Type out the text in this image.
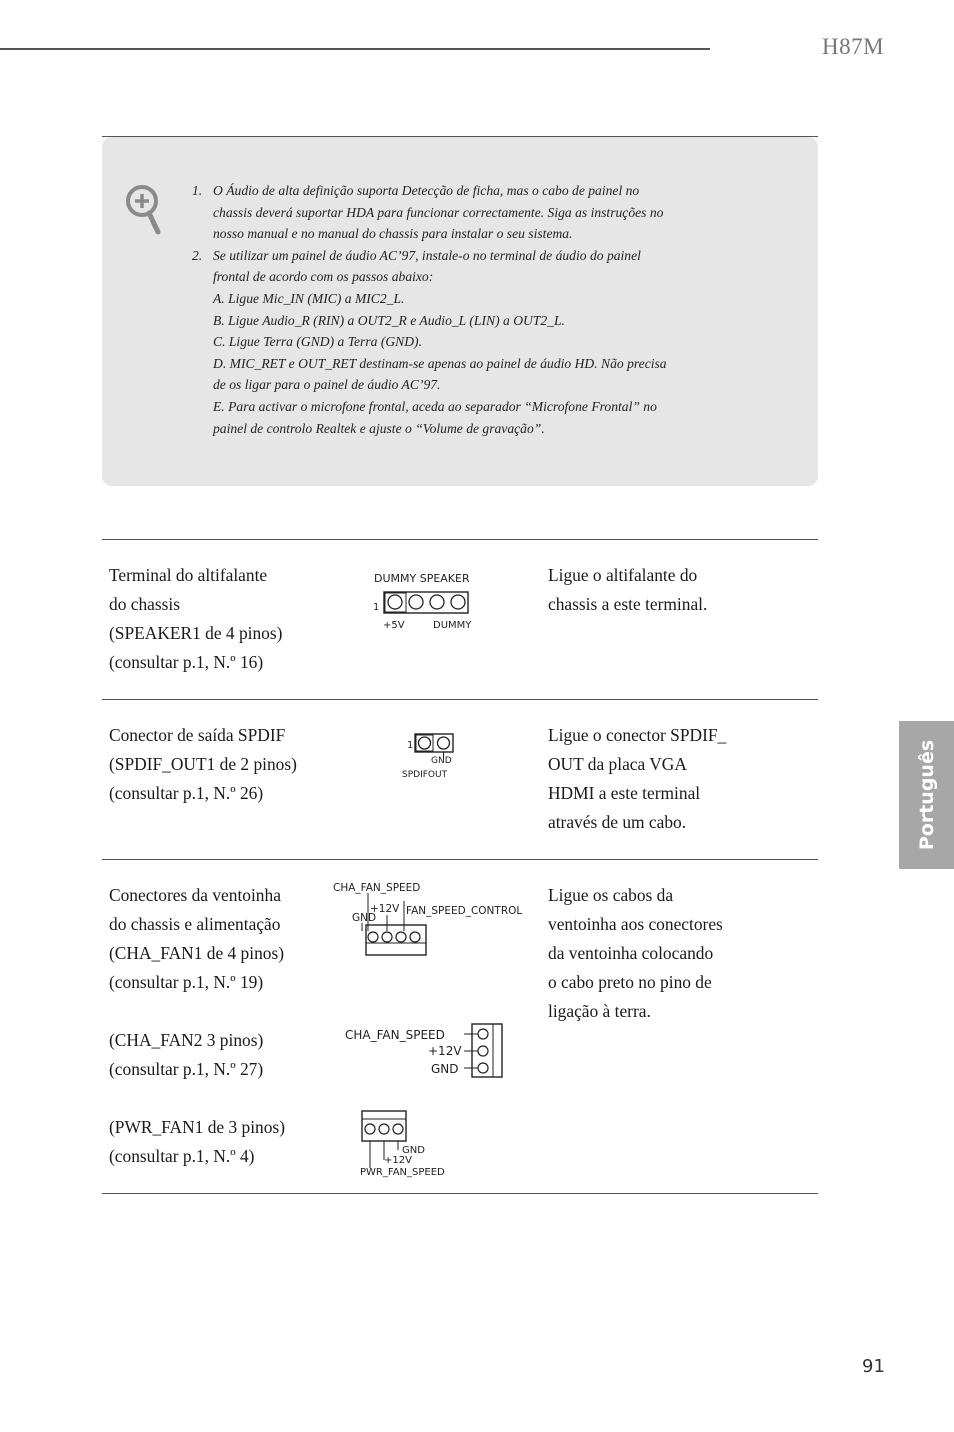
H87M
1. O Áudio de alta definição suporta Detecção de ficha, mas o cabo de painel no
chassis deverá suportar HDA para funcionar correctamente. Siga as instruções no
nosso manual e no manual do chassis para instalar o seu sistema.
2. Se utilizar um painel de áudio AC’97, instale-o no terminal de áudio do painel
frontal de acordo com os passos abaixo:
A. Ligue Mic_IN (MIC) a MIC2_L.
B. Ligue Audio_R (RIN) a OUT2_R e Audio_L (LIN) a OUT2_L.
C. Ligue Terra (GND) a Terra (GND).
D. MIC_RET e OUT_RET destinam-se apenas ao painel de áudio HD. Não precisa
de os ligar para o painel de áudio AC’97.
E. Para activar o microfone frontal, aceda ao separador “Microfone Frontal” no
painel de controlo Realtek e ajuste o “Volume de gravação”.
Terminal do altifalante
do chassis
(SPEAKER1 de 4 pinos)
(consultar p.1, N.º 16)
DUMMY SPEAKER
1
+5V	DUMMY
Ligue o altifalante do
chassis a este terminal.
Conector de saída SPDIF
(SPDIF_OUT1 de 2 pinos)
(consultar p.1, N.º 26)
1
GND
SPDIFOUT
Ligue o conector SPDIF_
OUT da placa VGA
HDMI a este terminal
através de um cabo.
Conectores da ventoinha
do chassis e alimentação
(CHA_FAN1 de 4 pinos)
(consultar p.1, N.º 19)

(CHA_FAN2 3 pinos)
(consultar p.1, N.º 27)

(PWR_FAN1 de 3 pinos)
(consultar p.1, N.º 4)
CHA_FAN_SPEED
+12V
GND
FAN_SPEED_CONTROL
CHA_FAN_SPEED
+12V
GND
GND
+12V
PWR_FAN_SPEED
Ligue os cabos da
ventoinha aos conectores
da ventoinha colocando
o cabo preto no pino de
ligação à terra.
Português
91
